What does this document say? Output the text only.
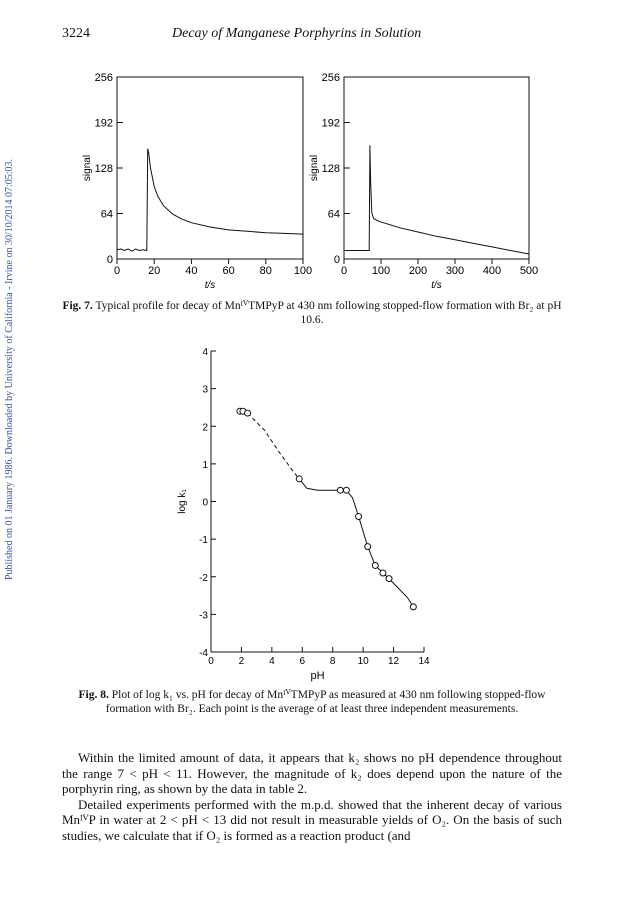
Published on 01 January 1986. Downloaded by University of California - Irvine on 30/10/2014 07:05:03.
3224	Decay of Manganese Porphyrins in Solution
0	20 40 60 80 100
0
64
128
192
256
t/s
signal
0 100 200 300 400 500
0
64
128
192
256
t/s
signal
0 2 4 6 8 10 12 14
4
3
2
1
0
-1
-2
-3
-4
pH
log k₁
Fig. 7. Typical profile for decay of MnᴵⱽTMPyP at 430 nm following stopped-flow formation with Br₂ at pH 10.6.
Fig. 8. Plot of log k₁ vs. pH for decay of MnᴵⱽTMPyP as measured at 430 nm following stopped-flow formation with Br₂. Each point is the average of at least three independent measurements.

Within the limited amount of data, it appears that k₂ shows no pH dependence throughout the range 7 < pH < 11. However, the magnitude of k₂ does depend upon the nature of the porphyrin ring, as shown by the data in table 2.

Detailed experiments performed with the m.p.d. showed that the inherent decay of various MnᴵⱽP in water at 2 < pH < 13 did not result in measurable yields of O₂. On the basis of such studies, we calculate that if O₂ is formed as a reaction product (and
